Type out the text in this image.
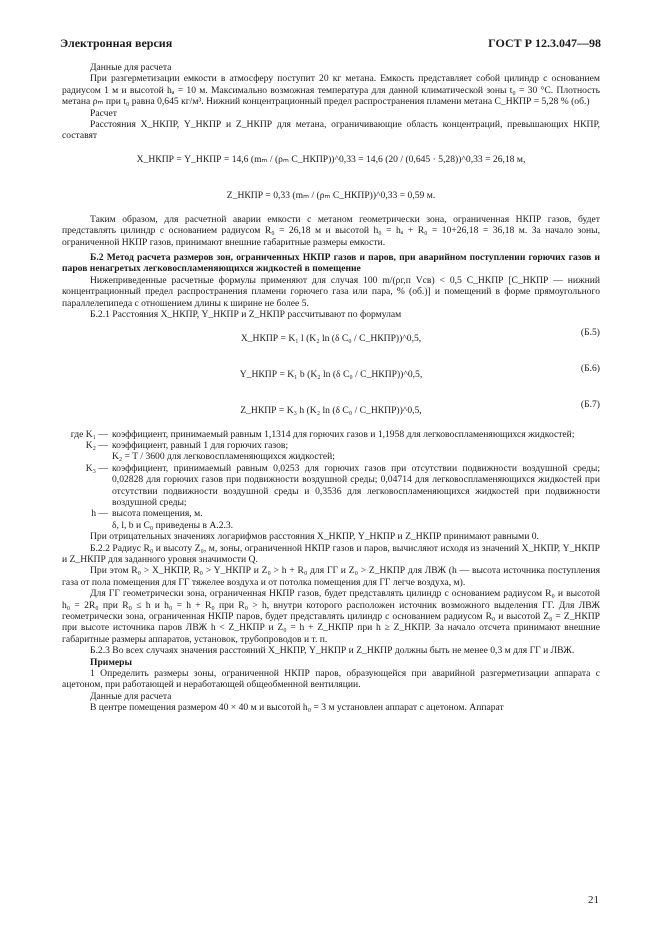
Электронная версия	ГОСТ Р 12.3.047—98

Данные для расчета

При разгерметизации емкости в атмосферу поступит 20 кг метана. Емкость представляет собой цилиндр с основанием радиусом 1 м и высотой hₐ = 10 м. Максимально возможная температура для данной климатической зоны t₀ = 30 °С. Плотность метана ρₘ при t₀ равна 0,645 кг/м³. Нижний концентрационный предел распространения пламени метана C_НКПР = 5,28 % (об.)

Расчет

Расстояния X_НКПР, Y_НКПР и Z_НКПР для метана, ограничивающие область концентраций, превышающих НКПР, составят

X_НКПР = Y_НКПР = 14,6 (mₘ / (ρₘ C_НКПР))^0,33 = 14,6 (20 / (0,645 · 5,28))^0,33 = 26,18 м,
Z_НКПР = 0,33 (mₘ / (ρₘ C_НКПР))^0,33 = 0,59 м.

Таким образом, для расчетной аварии емкости с метаном геометрически зона, ограниченная НКПР газов, будет представлять цилиндр с основанием радиусом R₀ = 26,18 м и высотой h₀ = hₐ + R₀ = 10+26,18 = 36,18 м. За начало зоны, ограниченной НКПР газов, принимают внешние габаритные размеры емкости.

Б.2 Метод расчета размеров зон, ограниченных НКПР газов и паров, при аварийном поступлении горючих газов и паров ненагретых легковоспламеняющихся жидкостей в помещение

Нижеприведенные расчетные формулы применяют для случая 100 m/(ρг,п Vсв) < 0,5 C_НКПР [C_НКПР — нижний концентрационный предел распространения пламени горючего газа или пара, % (об.)] и помещений в форме прямоугольного параллелепипеда с отношением длины к ширине не более 5.

Б.2.1 Расстояния X_НКПР, Y_НКПР и Z_НКПР рассчитывают по формулам

X_НКПР = K₁ l (K₂ ln (δ C₀ / C_НКПР))^0,5,
(Б.5)
Y_НКПР = K₁ b (K₂ ln (δ C₀ / C_НКПР))^0,5,
(Б.6)
Z_НКПР = K₃ h (K₂ ln (δ C₀ / C_НКПР))^0,5,
(Б.7)
где K₁ — коэффициент, принимаемый равным 1,1314 для горючих газов и 1,1958 для легковоспламеняющихся жидкостей;
K₂ — коэффициент, равный 1 для горючих газов;
K₂ = T / 3600 для легковоспламеняющихся жидкостей;
K₃ — коэффициент, принимаемый равным 0,0253 для горючих газов при отсутствии подвижности воздушной среды; 0,02828 для горючих газов при подвижности воздушной среды; 0,04714 для легковоспламеняющихся жидкостей при отсутствии подвижности воздушной среды и 0,3536 для легковоспламеняющихся жидкостей при подвижности воздушной среды;
h — высота помещения, м.
δ, l, b и C₀ приведены в А.2.3.

При отрицательных значениях логарифмов расстояния X_НКПР, Y_НКПР и Z_НКПР принимают равными 0.

Б.2.2 Радиус R₀ и высоту Z₀, м, зоны, ограниченной НКПР газов и паров, вычисляют исходя из значений X_НКПР, Y_НКПР и Z_НКПР для заданного уровня значимости Q.

При этом R₀ > X_НКПР, R₀ > Y_НКПР и Z₀ > h + R₀ для ГГ и Z₀ > Z_НКПР для ЛВЖ (h — высота источника поступления газа от пола помещения для ГГ тяжелее воздуха и от потолка помещения для ГГ легче воздуха, м).

Для ГГ геометрически зона, ограниченная НКПР газов, будет представлять цилиндр с основанием радиусом R₀ и высотой h₀ = 2R₀ при R₀ ≤ h и h₀ = h + R₀ при R₀ > h, внутри которого расположен источник возможного выделения ГГ. Для ЛВЖ геометрически зона, ограниченная НКПР паров, будет представлять цилиндр с основанием радиусом R₀ и высотой Z₀ = Z_НКПР при высоте источника паров ЛВЖ h < Z_НКПР и Z₀ = h + Z_НКПР при h ≥ Z_НКПР. За начало отсчета принимают внешние габаритные размеры аппаратов, установок, трубопроводов и т. п.

Б.2.3 Во всех случаях значения расстояний X_НКПР, Y_НКПР и Z_НКПР должны быть не менее 0,3 м для ГГ и ЛВЖ.

Примеры

1 Определить размеры зоны, ограниченной НКПР паров, образующейся при аварийной разгерметизации аппарата с ацетоном, при работающей и неработающей общеобменной вентиляции.

Данные для расчета

В центре помещения размером 40 × 40 м и высотой h₀ = 3 м установлен аппарат с ацетоном. Аппарат

21
